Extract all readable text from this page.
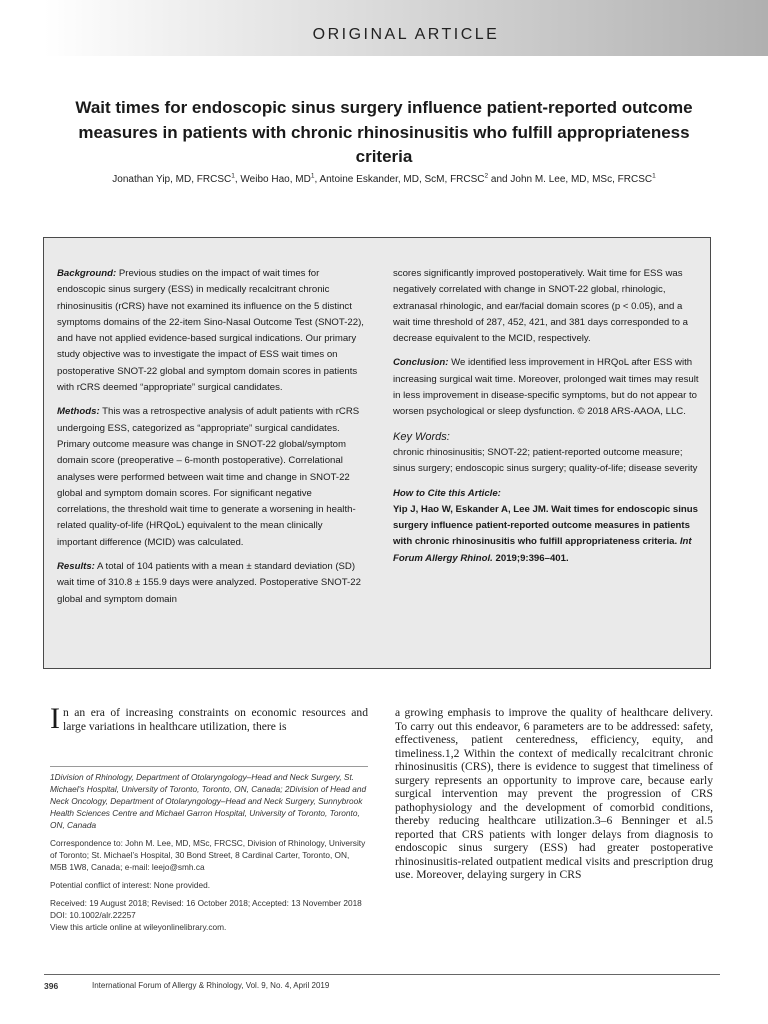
ORIGINAL ARTICLE
Wait times for endoscopic sinus surgery influence patient-reported outcome measures in patients with chronic rhinosinusitis who fulfill appropriateness criteria

Jonathan Yip, MD, FRCSC$^1$, Weibo Hao, $MD^1$, Antoine Eskander, MD, ScM, FRCSC$^2$ and John M. Lee, MD, MSc, FRCSC$^1$

Background: Previous studies on the impact of wait times for endoscopic sinus surgery (ESS) in medically recalcitrant chronic rhinosinusitis (rCRS) have not examined its influence on the 5 distinct symptoms domains of the 22-item Sino-Nasal Outcome Test (SNOT-22), and have not applied evidence-based surgical indications. Our primary study objective was to investigate the impact of ESS wait times on postoperative SNOT-22 global and symptom domain scores in patients with rCRS deemed “appropriate” surgical candidates.

Methods: This was a retrospective analysis of adult patients with rCRS undergoing ESS, categorized as “appropriate” surgical candidates. Primary outcome measure was change in SNOT-22 global/symptom domain score (preoperative – 6-month postoperative). Correlational analyses were performed between wait time and change in SNOT-22 global and symptom domain scores. For significant negative correlations, the threshold wait time to generate a worsening in health-related quality-of-life (HRQoL) equivalent to the mean clinically important difference (MCID) was calculated.

Results: A total of 104 patients with a mean ± standard deviation (SD) wait time of 310.8 ± 155.9 days were analyzed. Postoperative SNOT-22 global and symptom domain

scores significantly improved postoperatively. Wait time for ESS was negatively correlated with change in SNOT-22 global, rhinologic, extranasal rhinologic, and ear/facial domain scores (p < 0.05), and a wait time threshold of 287, 452, 421, and 381 days corresponded to a decrease equivalent to the MCID, respectively.

Conclusion: We identified less improvement in HRQoL after ESS with increasing surgical wait time. Moreover, prolonged wait times may result in less improvement in disease-specific symptoms, but do not appear to worsen psychological or sleep dysfunction. © 2018 ARS-AAOA, LLC.

Key Words:
chronic rhinosinusitis; SNOT-22; patient-reported outcome measure; sinus surgery; endoscopic sinus surgery; quality-of-life; disease severity

How to Cite this Article:
Yip J, Hao W, Eskander A, Lee JM. Wait times for endoscopic sinus surgery influence patient-reported outcome measures in patients with chronic rhinosinusitis who fulfill appropriateness criteria. Int Forum Allergy Rhinol. 2019;9:396–401.

In an era of increasing constraints on economic resources and large variations in healthcare utilization, there is

a growing emphasis to improve the quality of healthcare delivery. To carry out this endeavor, 6 parameters are to be addressed: safety, effectiveness, patient centeredness, efficiency, equity, and timeliness.1,2 Within the context of medically recalcitrant chronic rhinosinusitis (CRS), there is evidence to suggest that timeliness of surgery represents an opportunity to improve care, because early surgical intervention may prevent the progression of CRS pathophysiology and the development of comorbid conditions, thereby reducing healthcare utilization.3–6 Benninger et al.5 reported that CRS patients with longer delays from diagnosis to endoscopic sinus surgery (ESS) had greater postoperative rhinosinusitis-related outpatient medical visits and prescription drug use. Moreover, delaying surgery in CRS

1Division of Rhinology, Department of Otolaryngology–Head and Neck Surgery, St. Michael’s Hospital, University of Toronto, Toronto, ON, Canada; 2Division of Head and Neck Oncology, Department of Otolaryngology–Head and Neck Surgery, Sunnybrook Health Sciences Centre and Michael Garron Hospital, University of Toronto, Toronto, ON, Canada

Correspondence to: John M. Lee, MD, MSc, FRCSC, Division of Rhinology, University of Toronto; St. Michael’s Hospital, 30 Bond Street, 8 Cardinal Carter, Toronto, ON, M5B 1W8, Canada; e-mail: leejo@smh.ca

Potential conflict of interest: None provided.

Received: 19 August 2018; Revised: 16 October 2018; Accepted: 13 November 2018
DOI: 10.1002/alr.22257
View this article online at wileyonlinelibrary.com.

396	International Forum of Allergy & Rhinology, Vol. 9, No. 4, April 2019
